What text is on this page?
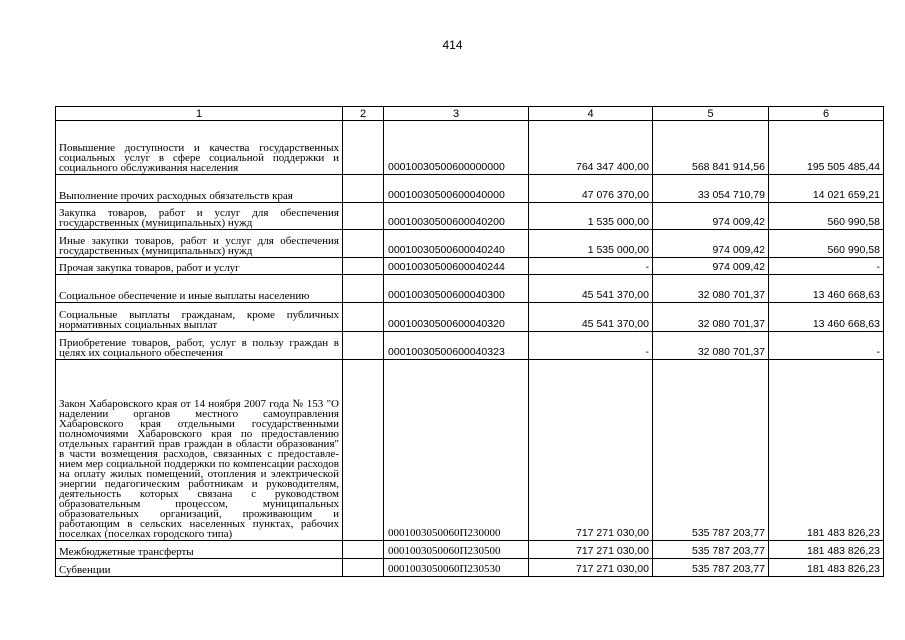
414
1	2	3	4	5	6
Повышение доступности и качества государственных социальных услуг в сфере социальной поддержки и социального обслуживания населения		00010030500600000000	764 347 400,00	568 841 914,56	195 505 485,44
Выполнение прочих расходных обязательств края		00010030500600040000	47 076 370,00	33 054 710,79	14 021 659,21
Закупка товаров, работ и услуг для обеспечения государственных (муниципальных) нужд		00010030500600040200	1 535 000,00	974 009,42	560 990,58
Иные закупки товаров, работ и услуг для обеспечения государственных (муниципальных) нужд		00010030500600040240	1 535 000,00	974 009,42	560 990,58
Прочая закупка товаров, работ и услуг		00010030500600040244	-	974 009,42	-
Социальное обеспечение и иные выплаты населению		00010030500600040300	45 541 370,00	32 080 701,37	13 460 668,63
Социальные выплаты гражданам, кроме публичных нормативных социальных выплат		00010030500600040320	45 541 370,00	32 080 701,37	13 460 668,63
Приобретение товаров, работ, услуг в пользу граждан в целях их социального обеспечения		00010030500600040323	-	32 080 701,37	-
Закон Хабаровского края от 14 ноября 2007 года № 153 "О наделении органов местного самоуправления Хабаровского края отдельными государственными полномочиями Хабаровского края по предоставлению отдельных гарантий прав граждан в области образования" в части возмещения расходов, связанных с предоставлением мер социальной поддержки по компенсации расходов на оплату жилых помещений, отопления и электрической энергии педагогическим работникам и руководителям, деятельность которых связана с руководством образовательным процессом, муниципальных образовательных организаций, проживающим и работающим в сельских населенных пунктах, рабочих поселках (поселках городского типа)		0001003050060П230000	717 271 030,00	535 787 203,77	181 483 826,23
Межбюджетные трансферты		0001003050060П230500	717 271 030,00	535 787 203,77	181 483 826,23
Субвенции		0001003050060П230530	717 271 030,00	535 787 203,77	181 483 826,23
